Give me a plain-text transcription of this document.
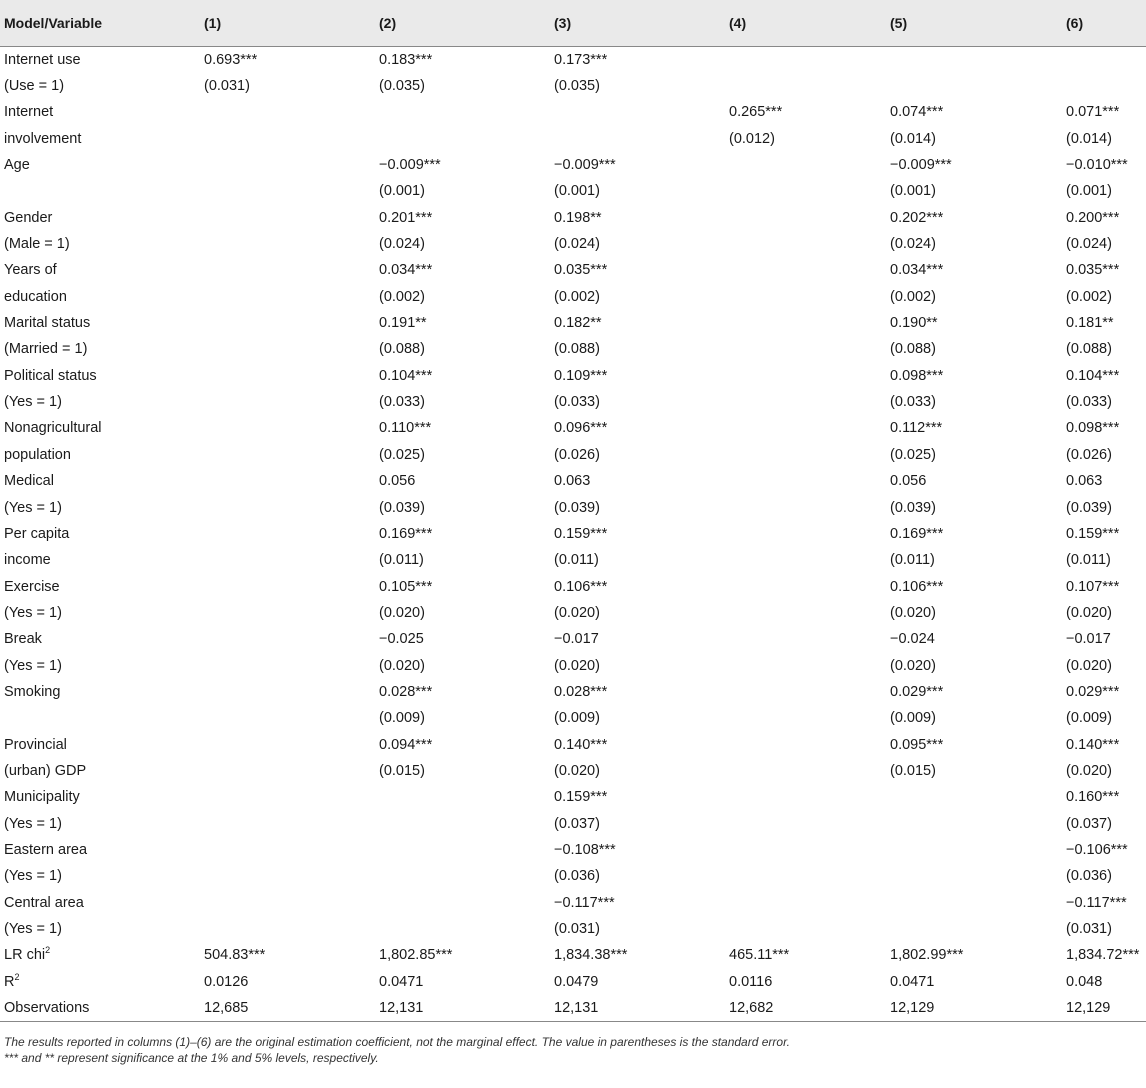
Model/Variable	(1)	(2)	(3)	(4)	(5)	(6)
Internet use	0.693***	0.183***	0.173***			
(Use = 1)	(0.031)	(0.035)	(0.035)			
Internet				0.265***	0.074***	0.071***
involvement				(0.012)	(0.014)	(0.014)
Age		−0.009***	−0.009***		−0.009***	−0.010***
		(0.001)	(0.001)		(0.001)	(0.001)
Gender		0.201***	0.198**		0.202***	0.200***
(Male = 1)		(0.024)	(0.024)		(0.024)	(0.024)
Years of		0.034***	0.035***		0.034***	0.035***
education		(0.002)	(0.002)		(0.002)	(0.002)
Marital status		0.191**	0.182**		0.190**	0.181**
(Married = 1)		(0.088)	(0.088)		(0.088)	(0.088)
Political status		0.104***	0.109***		0.098***	0.104***
(Yes = 1)		(0.033)	(0.033)		(0.033)	(0.033)
Nonagricultural		0.110***	0.096***		0.112***	0.098***
population		(0.025)	(0.026)		(0.025)	(0.026)
Medical		0.056	0.063		0.056	0.063
(Yes = 1)		(0.039)	(0.039)		(0.039)	(0.039)
Per capita		0.169***	0.159***		0.169***	0.159***
income		(0.011)	(0.011)		(0.011)	(0.011)
Exercise		0.105***	0.106***		0.106***	0.107***
(Yes = 1)		(0.020)	(0.020)		(0.020)	(0.020)
Break		−0.025	−0.017		−0.024	−0.017
(Yes = 1)		(0.020)	(0.020)		(0.020)	(0.020)
Smoking		0.028***	0.028***		0.029***	0.029***
		(0.009)	(0.009)		(0.009)	(0.009)
Provincial		0.094***	0.140***		0.095***	0.140***
(urban) GDP		(0.015)	(0.020)		(0.015)	(0.020)
Municipality			0.159***			0.160***
(Yes = 1)			(0.037)			(0.037)
Eastern area			−0.108***			−0.106***
(Yes = 1)			(0.036)			(0.036)
Central area			−0.117***			−0.117***
(Yes = 1)			(0.031)			(0.031)
LR chi$^2$	504.83***	1,802.85***	1,834.38***	465.11***	1,802.99***	1,834.72***
$R^2$	0.0126	0.0471	0.0479	0.0116	0.0471	0.048
Observations	12,685	12,131	12,131	12,682	12,129	12,129
The results reported in columns (1)–(6) are the original estimation coefficient, not the marginal effect. The value in parentheses is the standard error.
*** and ** represent significance at the 1% and 5% levels, respectively.
